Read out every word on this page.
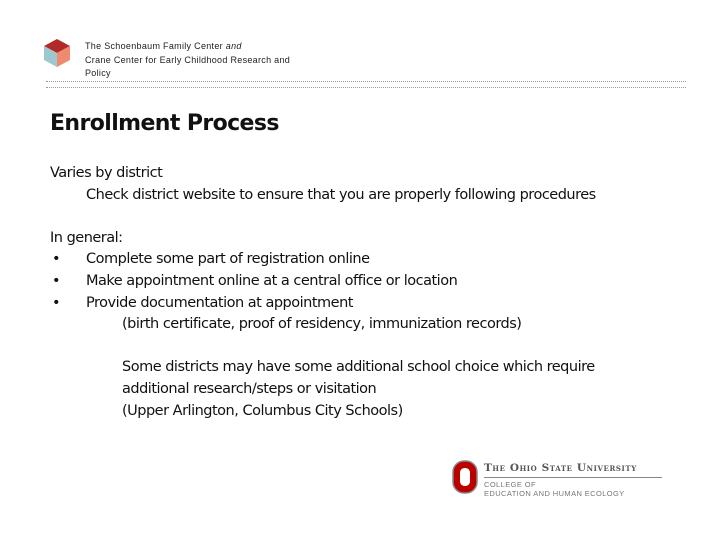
The Schoenbaum Family Center and
Crane Center for Early Childhood Research and
Policy
Enrollment Process
Varies by district
Check district website to ensure that you are properly following procedures
In general:
•	Complete some part of registration online
•	Make appointment online at a central office or location
•	Provide documentation at appointment
(birth certificate, proof of residency, immunization records)
Some districts may have some additional school choice which require
additional research/steps or visitation
(Upper Arlington, Columbus City Schools)
The Ohio State University
COLLEGE OF
EDUCATION AND HUMAN ECOLOGY
